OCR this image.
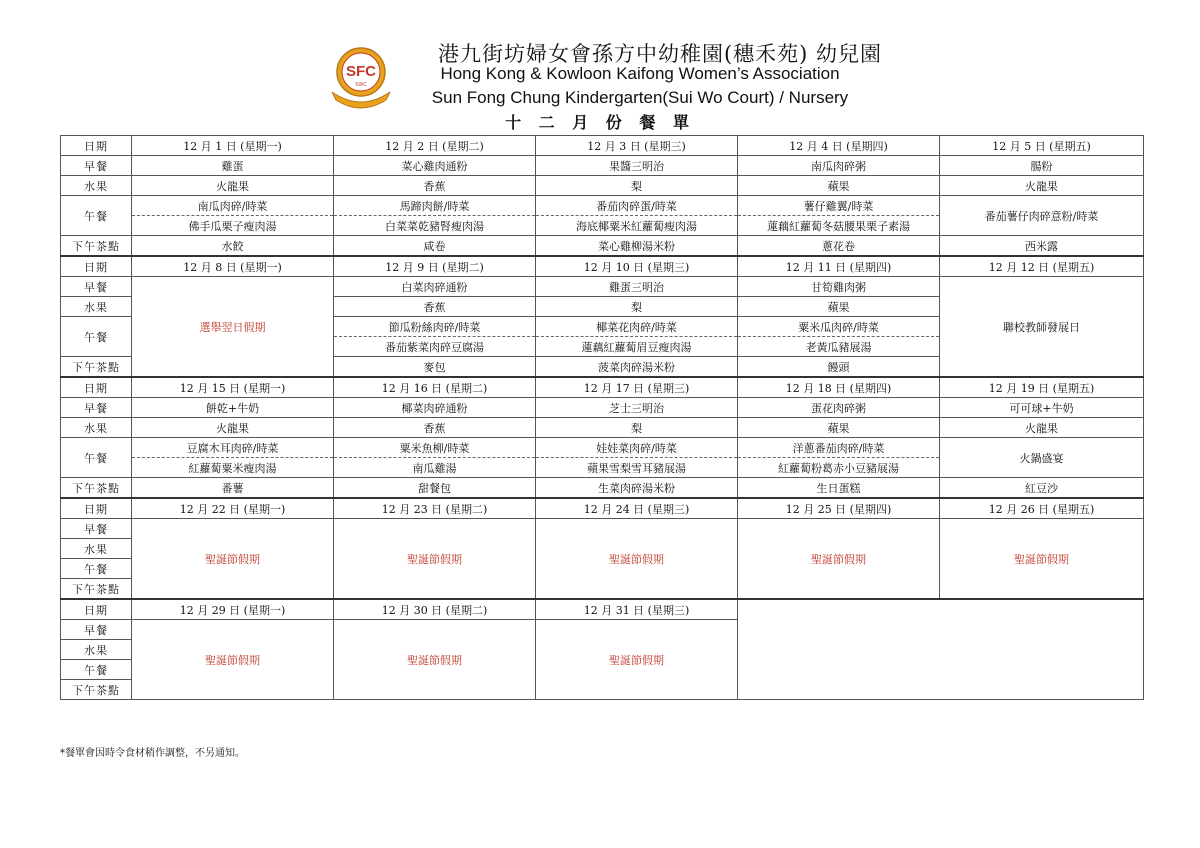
SFC
SWC
港九街坊婦女會孫方中幼稚園(穗禾苑) 幼兒園
Hong Kong & Kowloon Kaifong Women’s Association
Sun Fong Chung Kindergarten(Sui Wo Court) / Nursery
十 二 月 份 餐 單
日期	12 月 1 日 (星期一)	12 月 2 日 (星期二)	12 月 3 日 (星期三)	12 月 4 日 (星期四)	12 月 5 日 (星期五)
早餐	雞蛋	菜心雞肉通粉	果醬三明治	南瓜肉碎粥	腸粉
水果	火龍果	香蕉	梨	蘋果	火龍果
午餐	南瓜肉碎/時菜	馬蹄肉餅/時菜	番茄肉碎蛋/時菜	薯仔雞翼/時菜	番茄薯仔肉碎意粉/時菜
	佛手瓜栗子瘦肉湯	白菜菜乾豬腎瘦肉湯	海底椰粟米紅蘿蔔瘦肉湯	蓮藕紅蘿蔔冬菇腰果栗子素湯	
下午茶點	水餃	咸卷	菜心雞柳湯米粉	蔥花卷	西米露
日期	12 月 8 日 (星期一)	12 月 9 日 (星期二)	12 月 10 日 (星期三)	12 月 11 日 (星期四)	12 月 12 日 (星期五)
早餐	選舉翌日假期	白菜肉碎通粉	雞蛋三明治	甘筍雞肉粥	聯校教師發展日
水果		香蕉	梨	蘋果	
午餐		節瓜粉絲肉碎/時菜	椰菜花肉碎/時菜	粟米瓜肉碎/時菜	
		番茄紫菜肉碎豆腐湯	蓮藕紅蘿蔔眉豆瘦肉湯	老黃瓜豬展湯	
下午茶點		麥包	菠菜肉碎湯米粉	饅頭	
日期	12 月 15 日 (星期一)	12 月 16 日 (星期二)	12 月 17 日 (星期三)	12 月 18 日 (星期四)	12 月 19 日 (星期五)
早餐	餅乾+牛奶	椰菜肉碎通粉	芝士三明治	蛋花肉碎粥	可可球+牛奶
水果	火龍果	香蕉	梨	蘋果	火龍果
午餐	豆腐木耳肉碎/時菜	粟米魚柳/時菜	娃娃菜肉碎/時菜	洋蔥番茄肉碎/時菜	火鍋盛宴
	紅蘿蔔粟米瘦肉湯	南瓜雞湯	蘋果雪梨雪耳豬展湯	紅蘿蔔粉葛赤小豆豬展湯	
下午茶點	番薯	甜餐包	生菜肉碎湯米粉	生日蛋糕	紅豆沙
日期	12 月 22 日 (星期一)	12 月 23 日 (星期二)	12 月 24 日 (星期三)	12 月 25 日 (星期四)	12 月 26 日 (星期五)
早餐	聖誕節假期	聖誕節假期	聖誕節假期	聖誕節假期	聖誕節假期
水果					
午餐					

下午茶點					
日期	12 月 29 日 (星期一)	12 月 30 日 (星期二)	12 月 31 日 (星期三)		
早餐	聖誕節假期	聖誕節假期	聖誕節假期		
水果					
午餐					

下午茶點					
*餐單會因時令食材稍作調整，不另通知。
